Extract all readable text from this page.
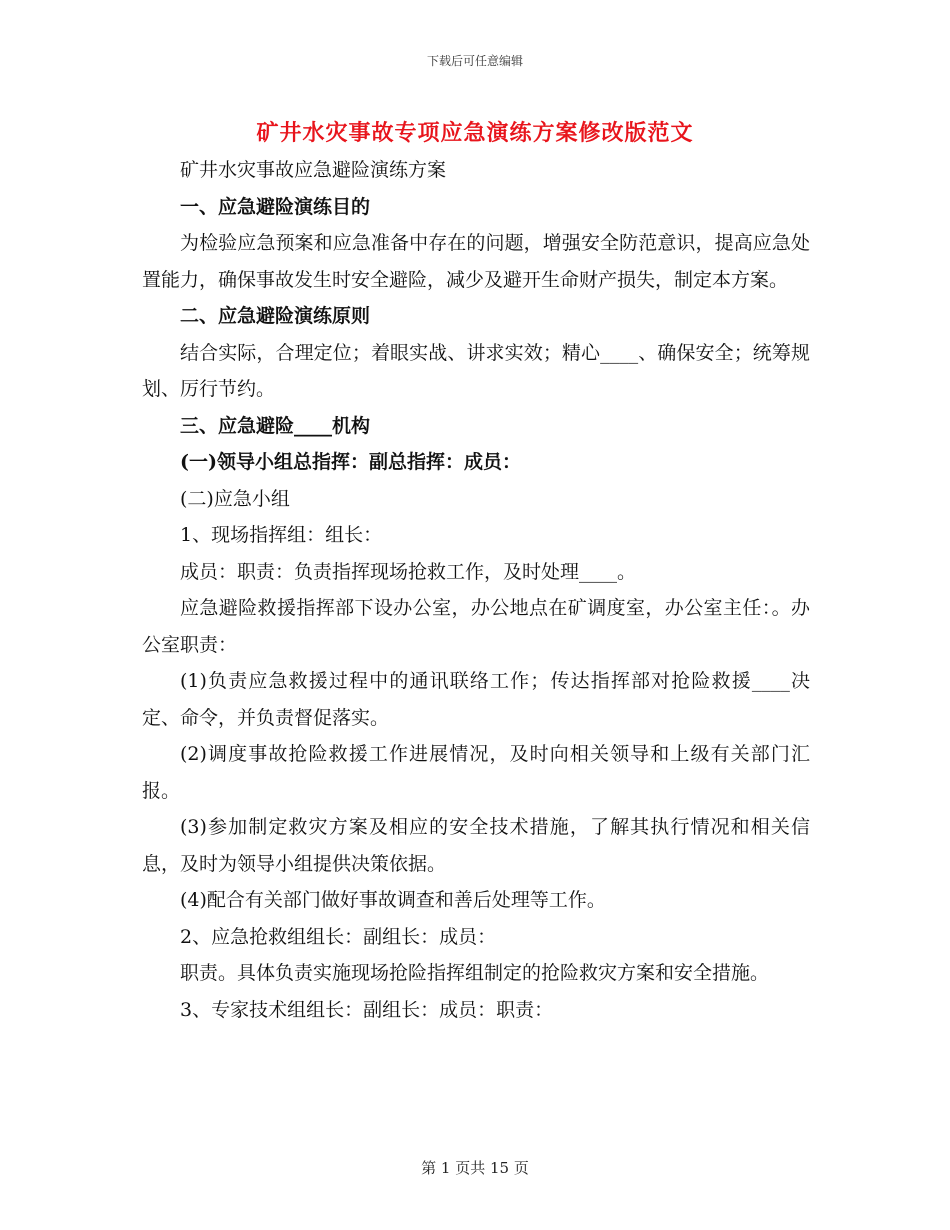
下载后可任意编辑
矿井水灾事故专项应急演练方案修改版范文

矿井水灾事故应急避险演练方案

一、应急避险演练目的

为检验应急预案和应急准备中存在的问题，增强安全防范意识，提高应急处置能力，确保事故发生时安全避险，减少及避开生命财产损失，制定本方案。

二、应急避险演练原则

结合实际，合理定位；着眼实战、讲求实效；精心____、确保安全；统筹规划、厉行节约。

三、应急避险____机构

(一)领导小组总指挥：副总指挥：成员：

(二)应急小组

1、现场指挥组：组长：

成员：职责：负责指挥现场抢救工作，及时处理____。

应急避险救援指挥部下设办公室，办公地点在矿调度室，办公室主任：。办公室职责：

(1)负责应急救援过程中的通讯联络工作；传达指挥部对抢险救援____决定、命令，并负责督促落实。

(2)调度事故抢险救援工作进展情况，及时向相关领导和上级有关部门汇报。

(3)参加制定救灾方案及相应的安全技术措施，了解其执行情况和相关信息，及时为领导小组提供决策依据。

(4)配合有关部门做好事故调查和善后处理等工作。

2、应急抢救组组长：副组长：成员：

职责。具体负责实施现场抢险指挥组制定的抢险救灾方案和安全措施。

3、专家技术组组长：副组长：成员：职责：

第 1 页共 15 页
